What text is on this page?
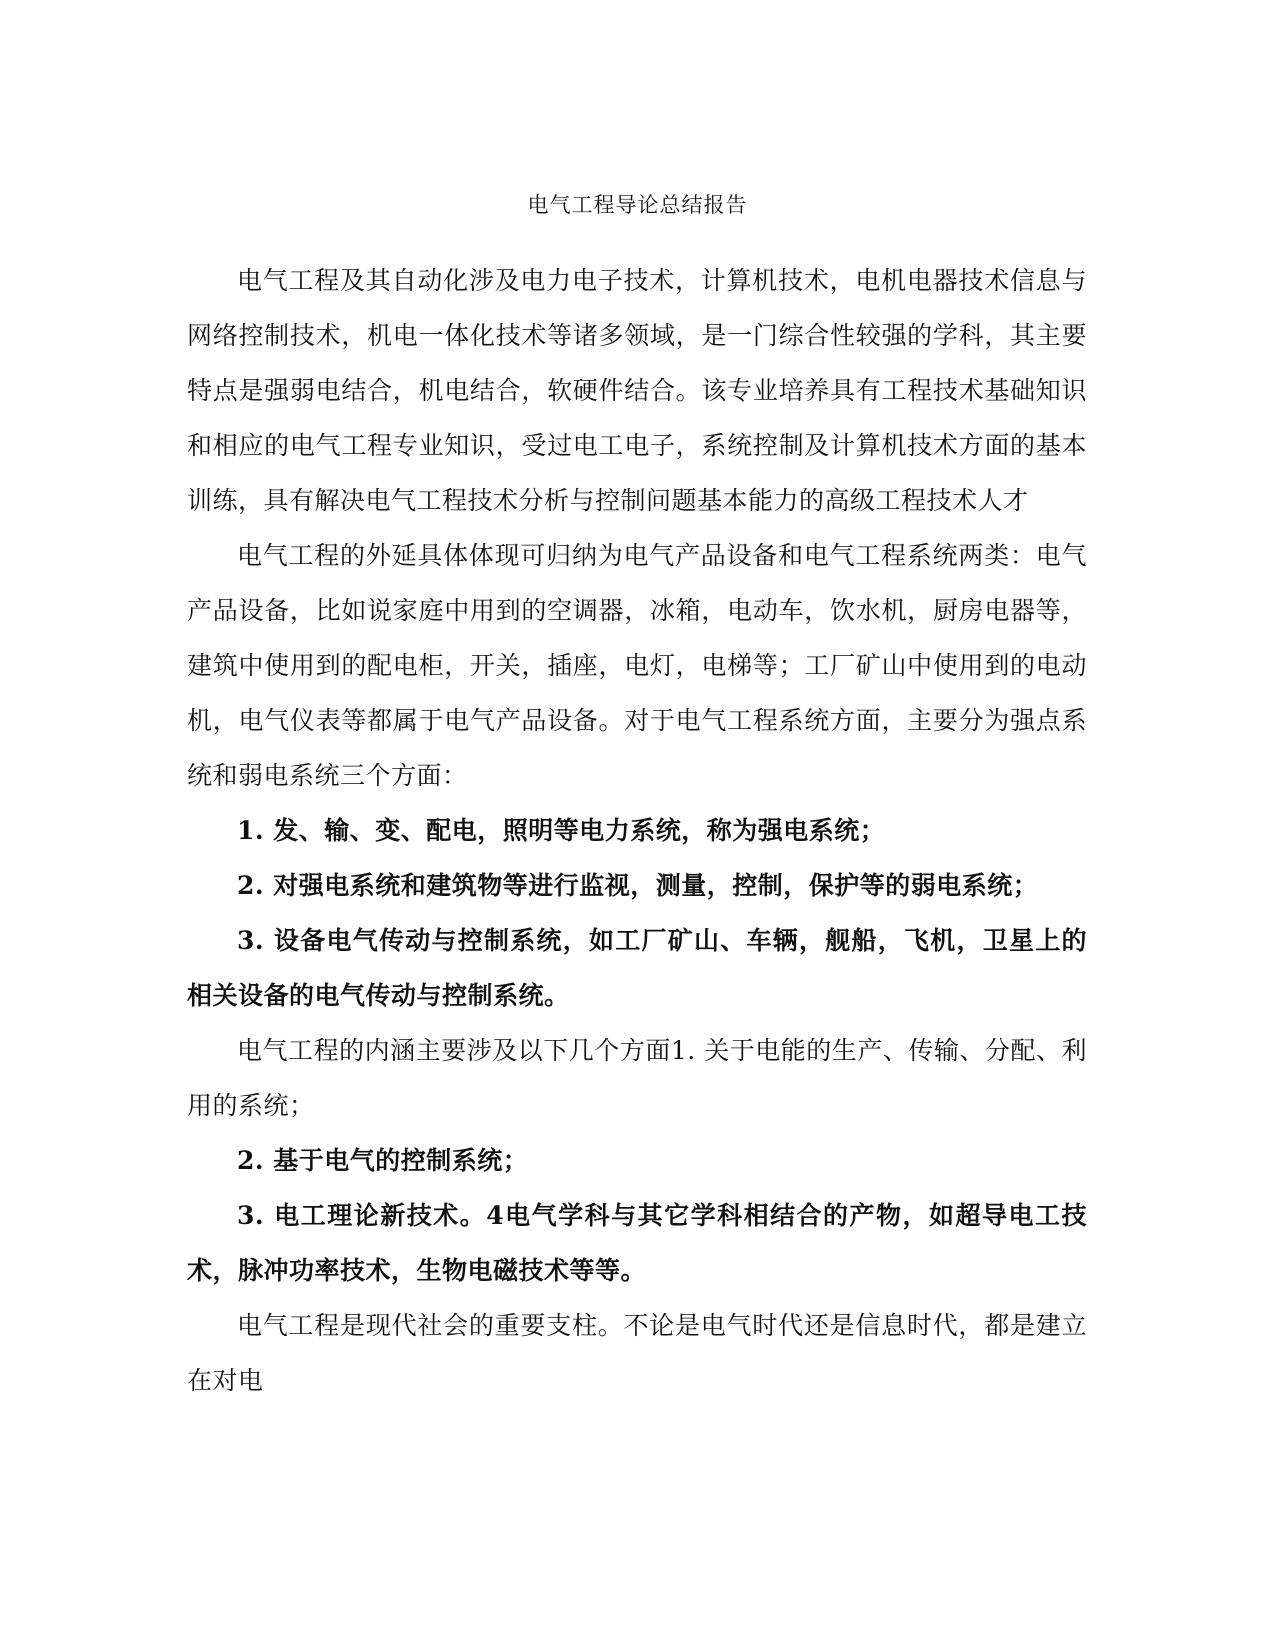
电气工程导论总结报告

电气工程及其自动化涉及电力电子技术，计算机技术，电机电器技术信息与网络控制技术，机电一体化技术等诸多领域，是一门综合性较强的学科，其主要特点是强弱电结合，机电结合，软硬件结合。该专业培养具有工程技术基础知识和相应的电气工程专业知识，受过电工电子，系统控制及计算机技术方面的基本训练，具有解决电气工程技术分析与控制问题基本能力的高级工程技术人才

电气工程的外延具体体现可归纳为电气产品设备和电气工程系统两类：电气产品设备，比如说家庭中用到的空调器，冰箱，电动车，饮水机，厨房电器等，建筑中使用到的配电柜，开关，插座，电灯，电梯等；工厂矿山中使用到的电动机，电气仪表等都属于电气产品设备。对于电气工程系统方面，主要分为强点系统和弱电系统三个方面：

1. 发、输、变、配电，照明等电力系统，称为强电系统；

2. 对强电系统和建筑物等进行监视，测量，控制，保护等的弱电系统；

3. 设备电气传动与控制系统，如工厂矿山、车辆，舰船，飞机，卫星上的相关设备的电气传动与控制系统。

电气工程的内涵主要涉及以下几个方面1. 关于电能的生产、传输、分配、利用的系统；

2. 基于电气的控制系统；

3. 电工理论新技术。4电气学科与其它学科相结合的产物，如超导电工技术，脉冲功率技术，生物电磁技术等等。

电气工程是现代社会的重要支柱。不论是电气时代还是信息时代，都是建立在对电
